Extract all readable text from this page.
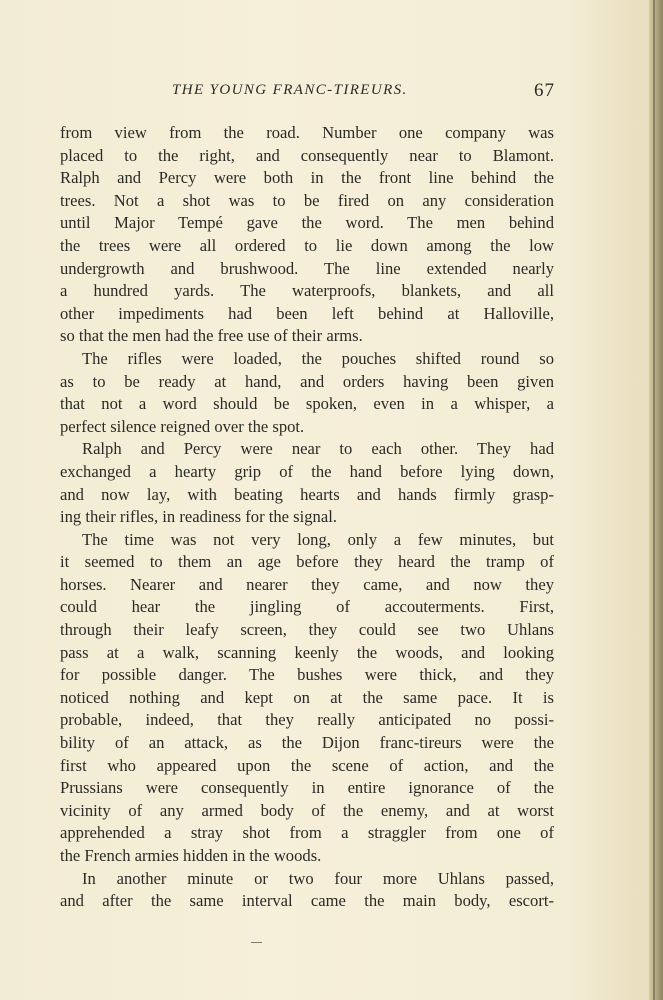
THE YOUNG FRANC-TIREURS.	67
from view from the road. Number one company was
placed to the right, and consequently near to Blamont.
Ralph and Percy were both in the front line behind the
trees. Not a shot was to be fired on any consideration
until Major Tempé gave the word. The men behind
the trees were all ordered to lie down among the low
undergrowth and brushwood. The line extended nearly
a hundred yards. The waterproofs, blankets, and all
other impediments had been left behind at Halloville,
so that the men had the free use of their arms.
The rifles were loaded, the pouches shifted round so
as to be ready at hand, and orders having been given
that not a word should be spoken, even in a whisper, a
perfect silence reigned over the spot.
Ralph and Percy were near to each other. They had
exchanged a hearty grip of the hand before lying down,
and now lay, with beating hearts and hands firmly grasp-
ing their rifles, in readiness for the signal.
The time was not very long, only a few minutes, but
it seemed to them an age before they heard the tramp of
horses. Nearer and nearer they came, and now they
could hear the jingling of accouterments. First,
through their leafy screen, they could see two Uhlans
pass at a walk, scanning keenly the woods, and looking
for possible danger. The bushes were thick, and they
noticed nothing and kept on at the same pace. It is
probable, indeed, that they really anticipated no possi-
bility of an attack, as the Dijon franc-tireurs were the
first who appeared upon the scene of action, and the
Prussians were consequently in entire ignorance of the
vicinity of any armed body of the enemy, and at worst
apprehended a stray shot from a straggler from one of
the French armies hidden in the woods.
In another minute or two four more Uhlans passed,
and after the same interval came the main body, escort-
